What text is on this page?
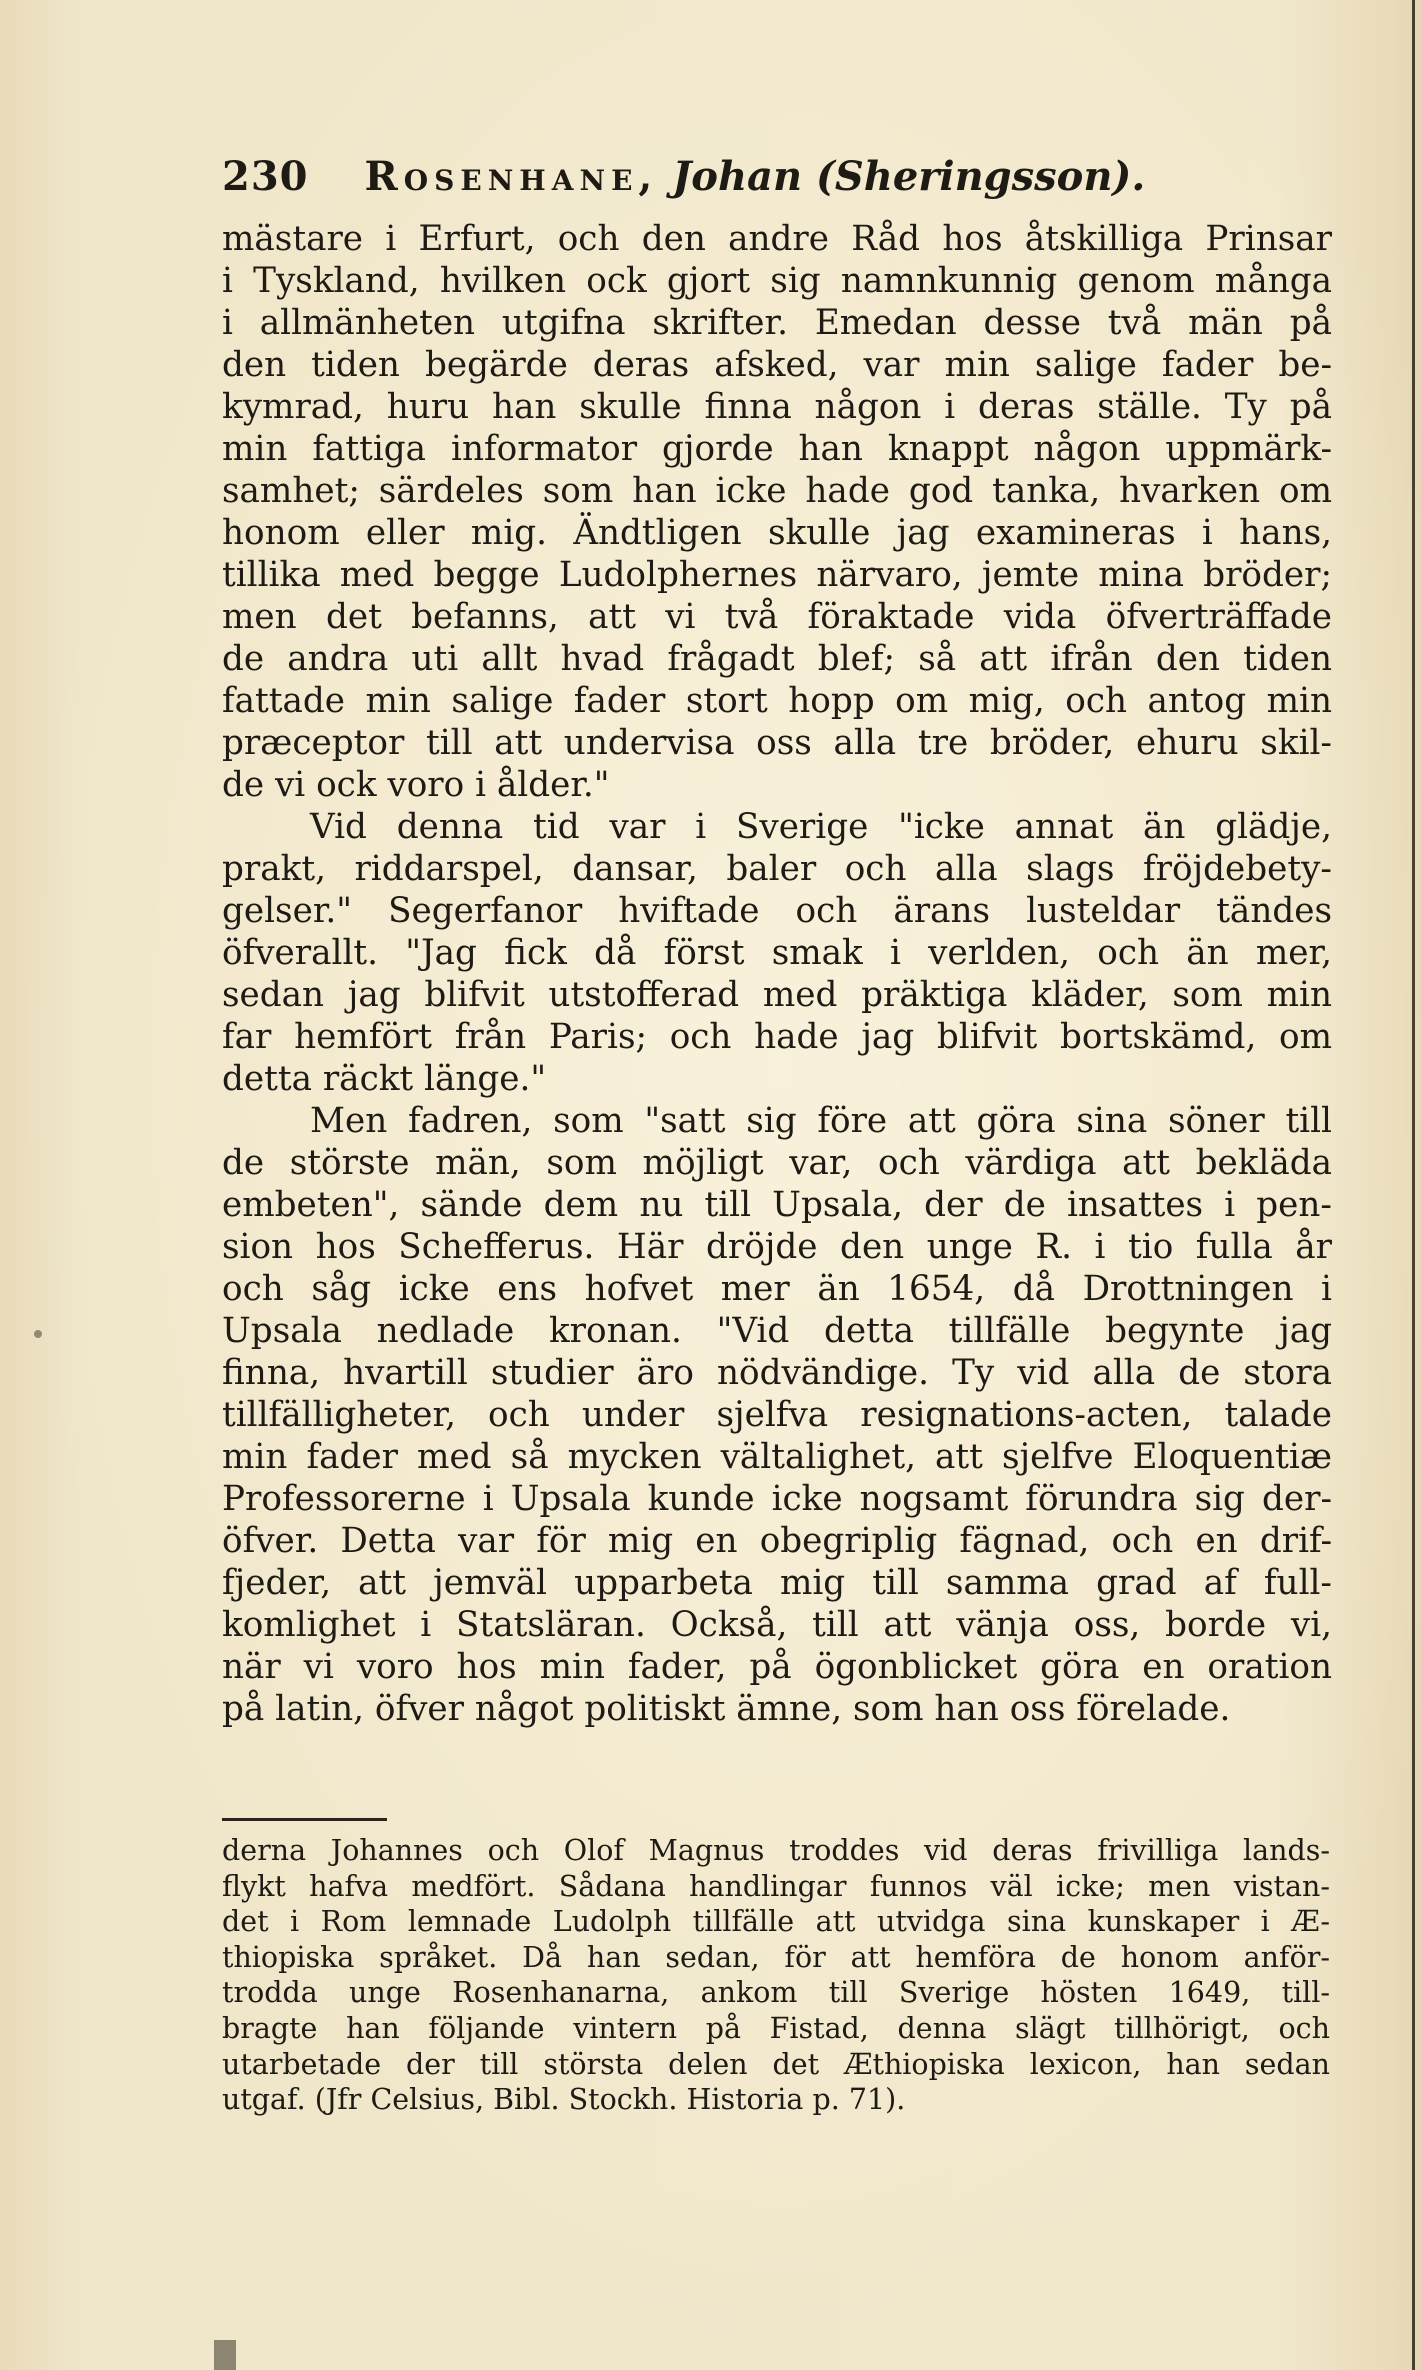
230 Rosenhane, Johan (Sheringsson).
mästare i Erfurt, och den andre Råd hos åtskilliga Prinsar
i Tyskland, hvilken ock gjort sig namnkunnig genom många
i allmänheten utgifna skrifter. Emedan desse två män på
den tiden begärde deras afsked, var min salige fader be-
kymrad, huru han skulle finna någon i deras ställe. Ty på
min fattiga informator gjorde han knappt någon uppmärk-
samhet; särdeles som han icke hade god tanka, hvarken om
honom eller mig. Ändtligen skulle jag examineras i hans,
tillika med begge Ludolphernes närvaro, jemte mina bröder;
men det befanns, att vi två föraktade vida öfverträffade
de andra uti allt hvad frågadt blef; så att ifrån den tiden
fattade min salige fader stort hopp om mig, och antog min
præceptor till att undervisa oss alla tre bröder, ehuru skil-
de vi ock voro i ålder."
Vid denna tid var i Sverige "icke annat än glädje,
prakt, riddarspel, dansar, baler och alla slags fröjdebety-
gelser." Segerfanor hviftade och ärans lusteldar tändes
öfverallt. "Jag fick då först smak i verlden, och än mer,
sedan jag blifvit utstofferad med präktiga kläder, som min
far hemfört från Paris; och hade jag blifvit bortskämd, om
detta räckt länge."
Men fadren, som "satt sig före att göra sina söner till
de störste män, som möjligt var, och värdiga att bekläda
embeten", sände dem nu till Upsala, der de insattes i pen-
sion hos Schefferus. Här dröjde den unge R. i tio fulla år
och såg icke ens hofvet mer än 1654, då Drottningen i
Upsala nedlade kronan. "Vid detta tillfälle begynte jag
finna, hvartill studier äro nödvändige. Ty vid alla de stora
tillfälligheter, och under sjelfva resignations-acten, talade
min fader med så mycken vältalighet, att sjelfve Eloquentiæ
Professorerne i Upsala kunde icke nogsamt förundra sig der-
öfver. Detta var för mig en obegriplig fägnad, och en drif-
fjeder, att jemväl upparbeta mig till samma grad af full-
komlighet i Statsläran. Också, till att vänja oss, borde vi,
när vi voro hos min fader, på ögonblicket göra en oration
på latin, öfver något politiskt ämne, som han oss förelade.
derna Johannes och Olof Magnus troddes vid deras frivilliga lands-
flykt hafva medfört. Sådana handlingar funnos väl icke; men vistan-
det i Rom lemnade Ludolph tillfälle att utvidga sina kunskaper i Æ-
thiopiska språket. Då han sedan, för att hemföra de honom anför-
trodda unge Rosenhanarna, ankom till Sverige hösten 1649, till-
bragte han följande vintern på Fistad, denna slägt tillhörigt, och
utarbetade der till största delen det Æthiopiska lexicon, han sedan
utgaf. (Jfr Celsius, Bibl. Stockh. Historia p. 71).
